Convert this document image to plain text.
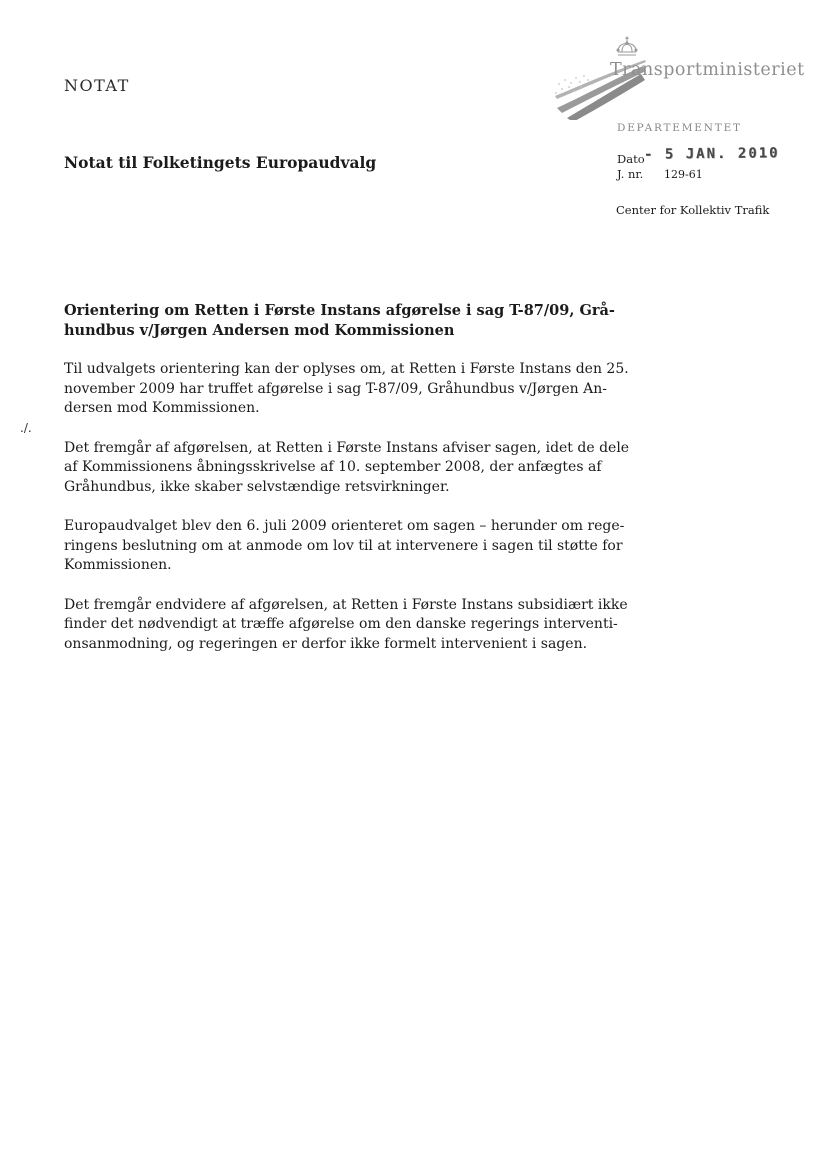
NOTAT
Transportministeriet
DEPARTEMENTET
Dato - 5 JAN. 2010
J. nr. 129-61
Center for Kollektiv Trafik
Notat til Folketingets Europaudvalg
./.
Orientering om Retten i Første Instans afgørelse i sag T-87/09, Grå-
hundbus v/Jørgen Andersen mod Kommissionen
Til udvalgets orientering kan der oplyses om, at Retten i Første Instans den 25.
november 2009 har truffet afgørelse i sag T-87/09, Gråhundbus v/Jørgen An-
dersen mod Kommissionen.
Det fremgår af afgørelsen, at Retten i Første Instans afviser sagen, idet de dele
af Kommissionens åbningsskrivelse af 10. september 2008, der anfægtes af
Gråhundbus, ikke skaber selvstændige retsvirkninger.
Europaudvalget blev den 6. juli 2009 orienteret om sagen – herunder om rege-
ringens beslutning om at anmode om lov til at intervenere i sagen til støtte for
Kommissionen.
Det fremgår endvidere af afgørelsen, at Retten i Første Instans subsidiært ikke
finder det nødvendigt at træffe afgørelse om den danske regerings interventi-
onsanmodning, og regeringen er derfor ikke formelt intervenient i sagen.
